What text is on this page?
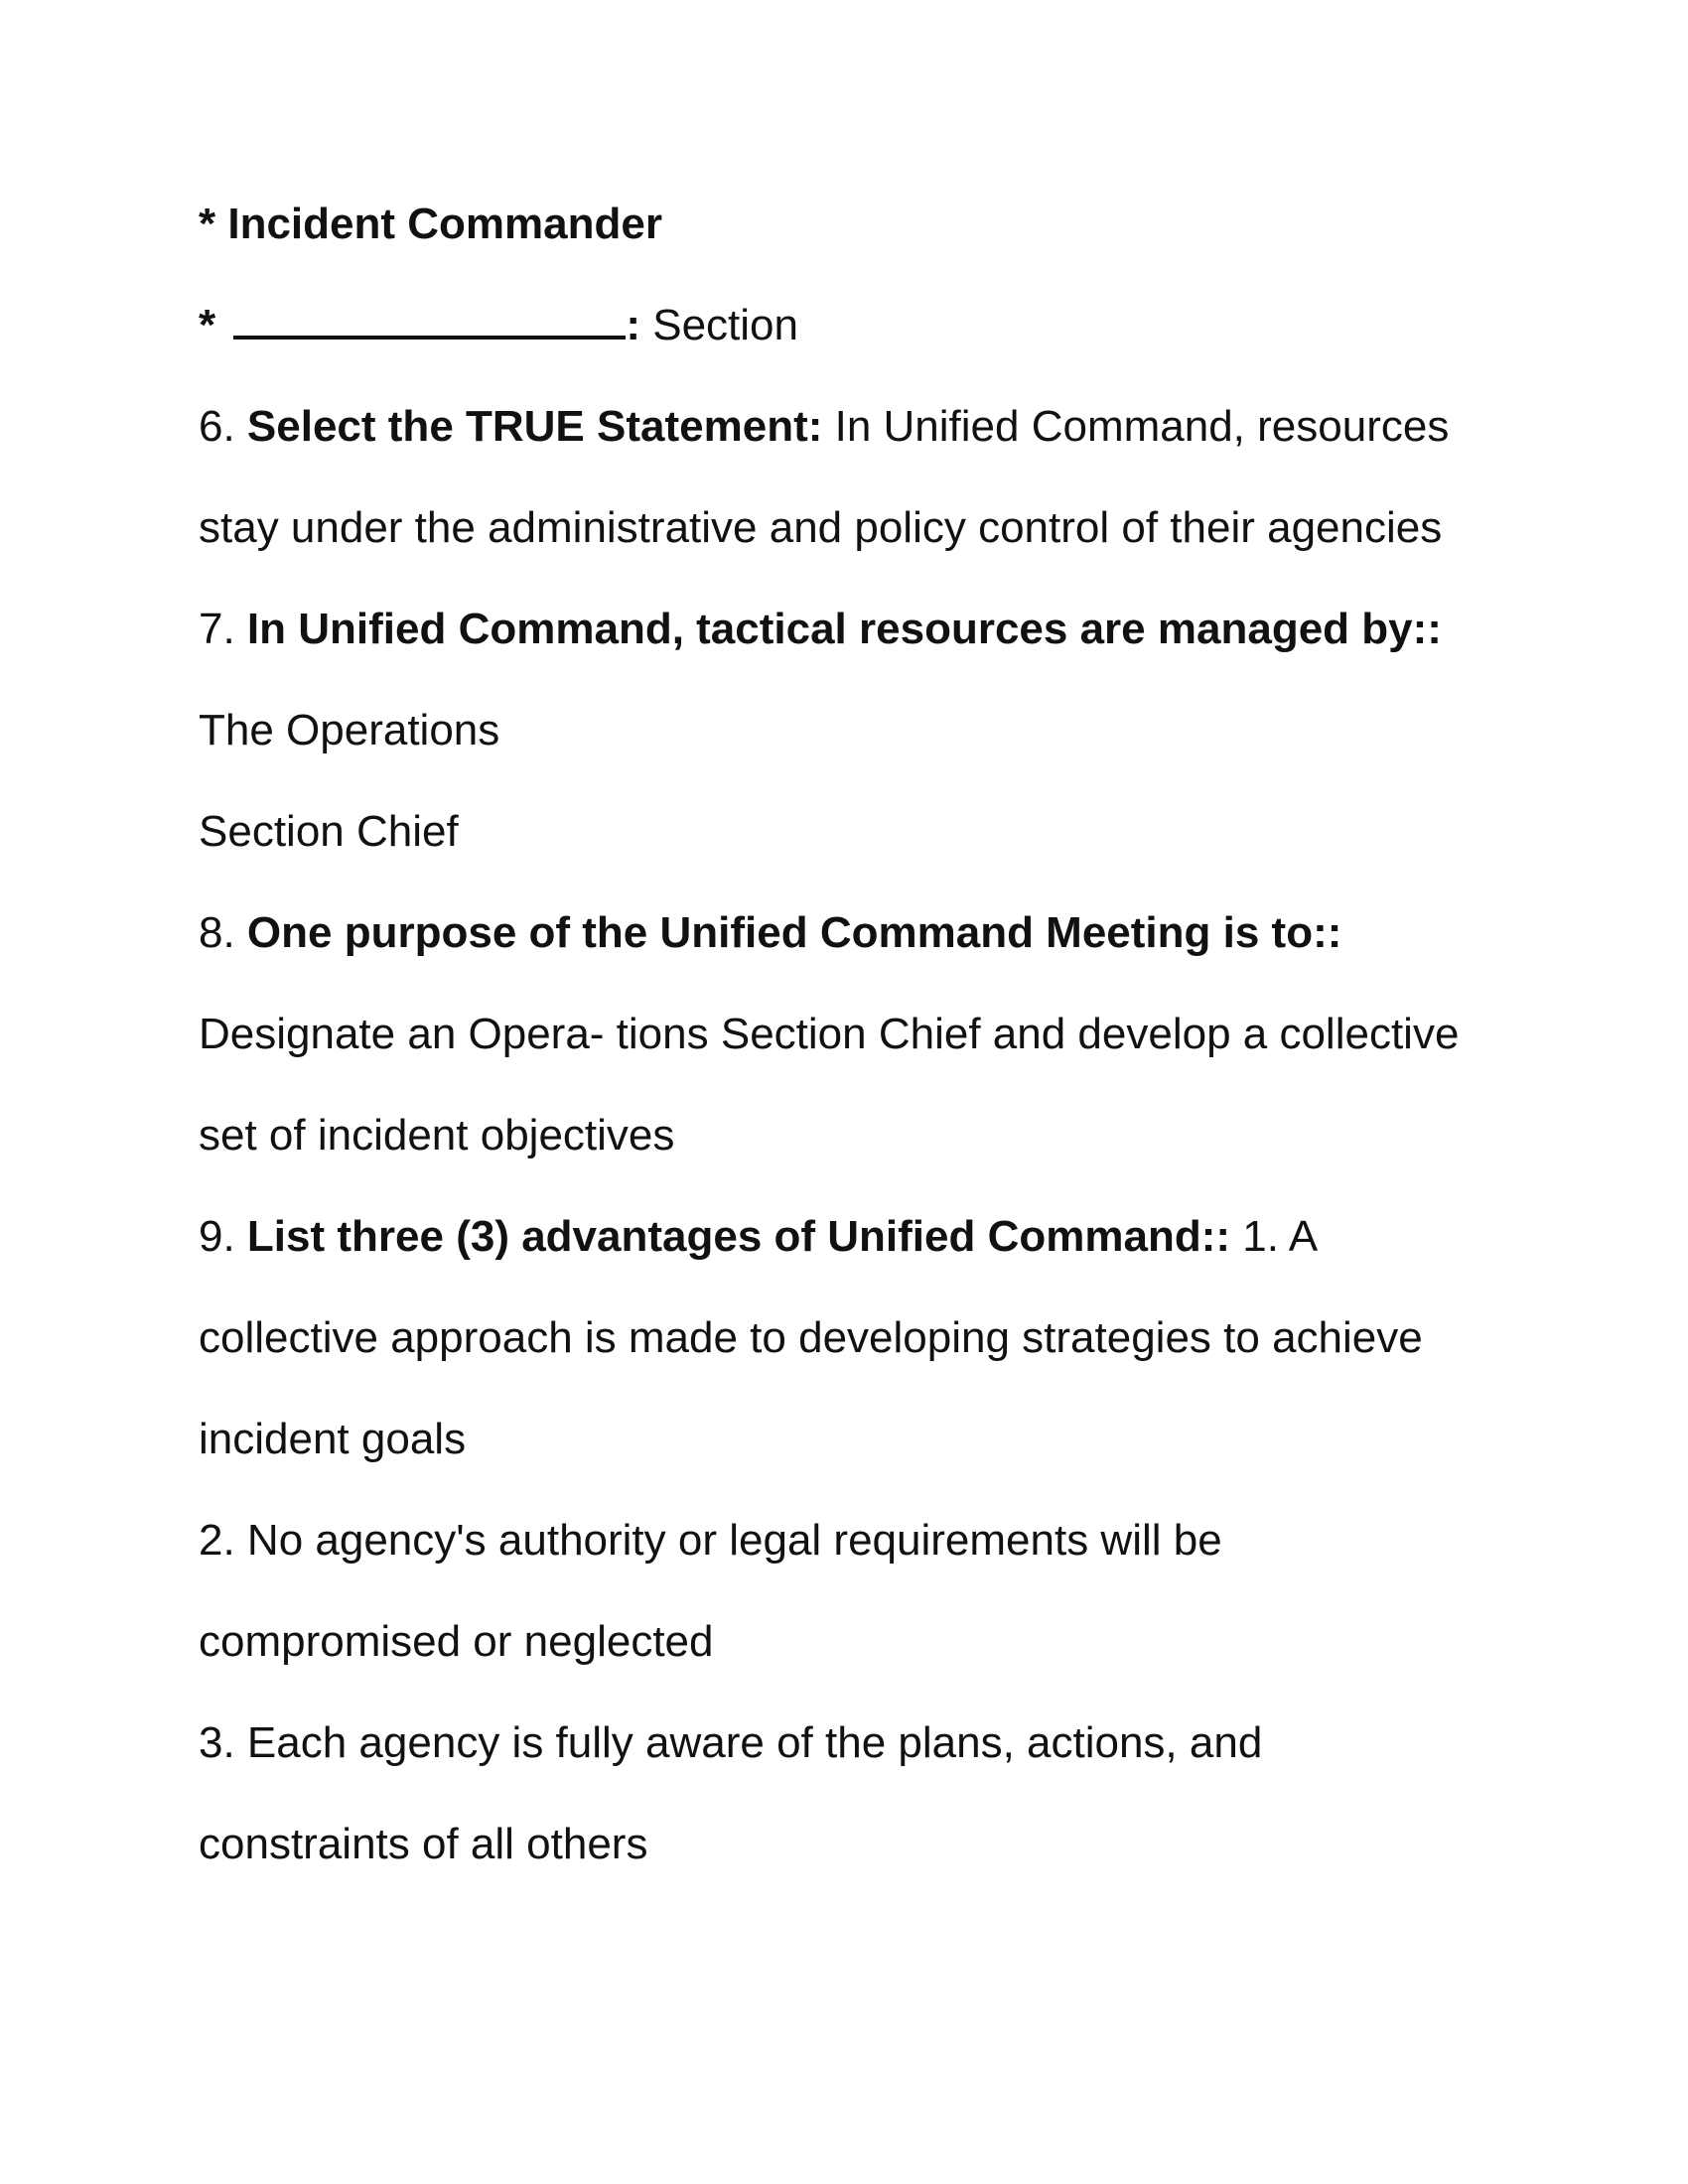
* Incident Commander
*	: Section
6. Select the TRUE Statement: In Unified Command, resources
stay under the administrative and policy control of their agencies
7. In Unified Command, tactical resources are managed by::
The Operations
Section Chief
8. One purpose of the Unified Command Meeting is to::
Designate an Opera- tions Section Chief and develop a collective
set of incident objectives
9. List three (3) advantages of Unified Command:: 1. A
collective approach is made to developing strategies to achieve
incident goals
2. No agency's authority or legal requirements will be
compromised or neglected
3. Each agency is fully aware of the plans, actions, and
constraints of all others
